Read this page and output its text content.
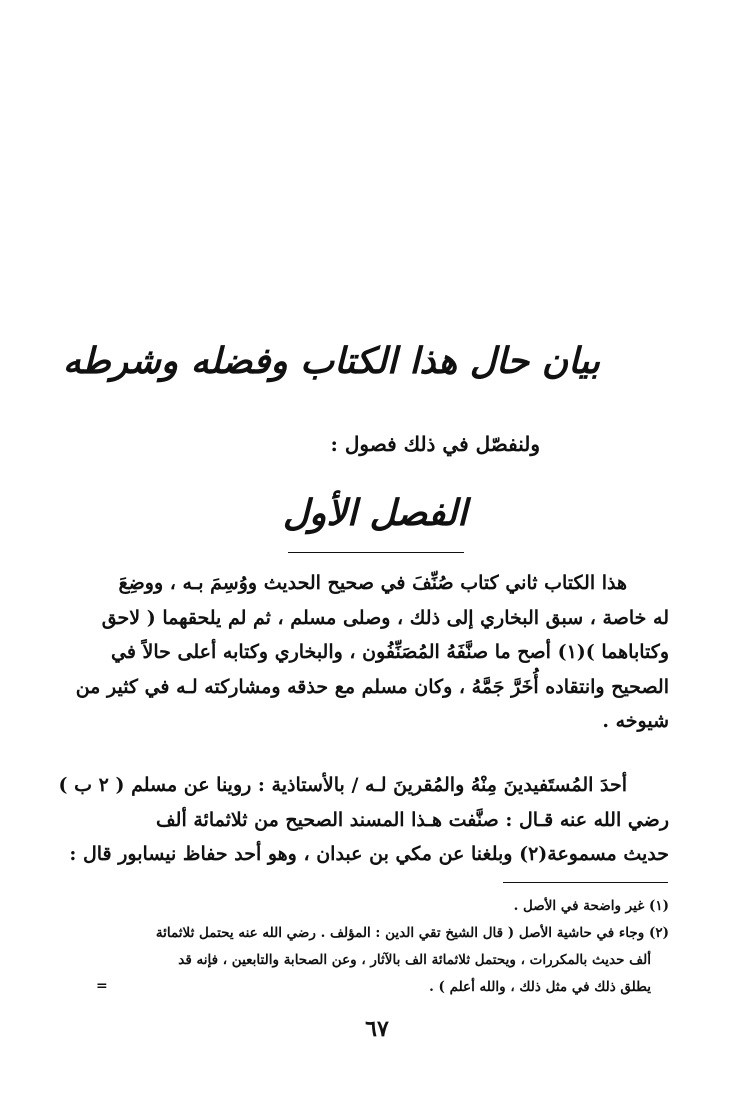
بيان حال هذا الكتاب وفضله وشرطه
ولنفصّل في ذلك فصول :
الفصل الأول
هذا الكتاب ثاني كتاب صُنِّفَ في صحيح الحديث ووُسِمَ بـه ، ووضِعَ
له خاصة ، سبق البخاري إلى ذلك ، وصلى مسلم ، ثم لم يلحقهما ( لاحق
وكتاباهما )(١) أصح ما صنَّفَهُ المُصَنِّفُون ، والبخاري وكتابه أعلى حالاً في
الصحيح وانتقاده أُخَرَّ جَمَّهُ ، وكان مسلم مع حذقه ومشاركته لـه في كثير من
شيوخه .
أحدَ المُستَفيدينَ مِنْهُ والمُقرينَ لـه / بالأستاذية : روينا عن مسلم ( ٢ ب )
رضي الله عنه قـال : صنَّفت هـذا المسند الصحيح من ثلاثمائة ألف
حديث مسموعة(٢) وبلغنا عن مكي بن عبدان ، وهو أحد حفاظ نيسابور قال :
(١) غير واضحة في الأصل .
(٢) وجاء في حاشية الأصل ( قال الشيخ تقي الدين : المؤلف . رضي الله عنه يحتمل ثلاثمائة
ألف حديث بالمكررات ، ويحتمل ثلاثمائة الف بالآثار ، وعن الصحابة والتابعين ، فإنه قد
يطلق ذلك في مثل ذلك ، والله أعلم ) .
=
٦٧
